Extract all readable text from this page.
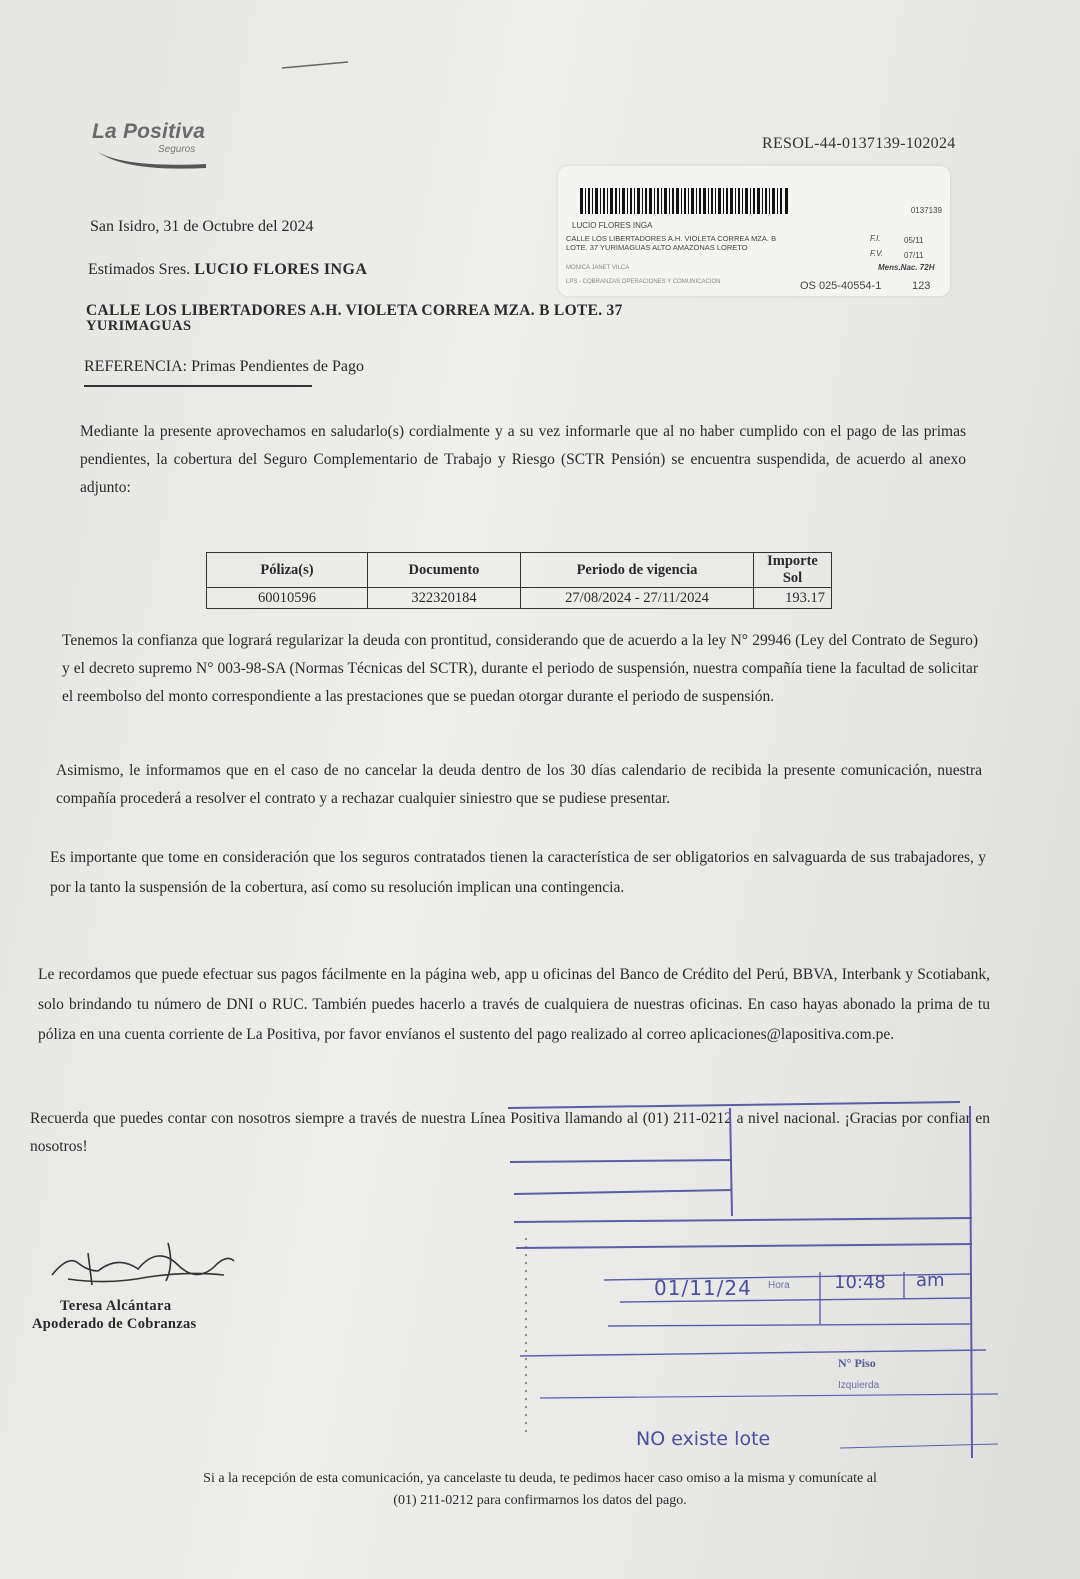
La Positiva
Seguros	RESOL-44-0137139-102024
0137139
LUCIO FLORES INGA
CALLE LOS LIBERTADORES A.H. VIOLETA CORREA MZA. B
LOTE. 37 YURIMAGUAS ALTO AMAZONAS LORETO
F.I.	05/11
F.V.	07/11
Mens.Nac. 72H
MONICA JANET VILCA
LPS - COBRANZAS OPERACIONES Y COMUNICACION	OS 025-40554-1	123
San Isidro, 31 de Octubre del 2024
Estimados Sres. LUCIO FLORES INGA
CALLE LOS LIBERTADORES A.H. VIOLETA CORREA MZA. B LOTE. 37
YURIMAGUAS
REFERENCIA: Primas Pendientes de Pago
Mediante la presente aprovechamos en saludarlo(s) cordialmente y a su vez informarle que al no haber cumplido con el pago de las primas pendientes, la cobertura del Seguro Complementario de Trabajo y Riesgo (SCTR Pensión) se encuentra suspendida, de acuerdo al anexo adjunto:
Póliza(s)	Documento	Periodo de vigencia	Importe Sol
60010596	322320184	27/08/2024 - 27/11/2024	193.17
Tenemos la confianza que logrará regularizar la deuda con prontitud, considerando que de acuerdo a la ley N° 29946 (Ley del Contrato de Seguro) y el decreto supremo N° 003-98-SA (Normas Técnicas del SCTR), durante el periodo de suspensión, nuestra compañía tiene la facultad de solicitar el reembolso del monto correspondiente a las prestaciones que se puedan otorgar durante el periodo de suspensión.
Asimismo, le informamos que en el caso de no cancelar la deuda dentro de los 30 días calendario de recibida la presente comunicación, nuestra compañía procederá a resolver el contrato y a rechazar cualquier siniestro que se pudiese presentar.
Es importante que tome en consideración que los seguros contratados tienen la característica de ser obligatorios en salvaguarda de sus trabajadores, y por la tanto la suspensión de la cobertura, así como su resolución implican una contingencia.
Le recordamos que puede efectuar sus pagos fácilmente en la página web, app u oficinas del Banco de Crédito del Perú, BBVA, Interbank y Scotiabank, solo brindando tu número de DNI o RUC. También puedes hacerlo a través de cualquiera de nuestras oficinas. En caso hayas abonado la prima de tu póliza en una cuenta corriente de La Positiva, por favor envíanos el sustento del pago realizado al correo aplicaciones@lapositiva.com.pe.
Recuerda que puedes contar con nosotros siempre a través de nuestra Línea Positiva llamando al (01) 211-0212 a nivel nacional. ¡Gracias por confiar en nosotros!
Teresa Alcántara
Apoderado de Cobranzas
01/11/24 Hora 10:48 am
N° Piso
Izquierda
NO existe lote
Si a la recepción de esta comunicación, ya cancelaste tu deuda, te pedimos hacer caso omiso a la misma y comunícate al
(01) 211-0212 para confirmarnos los datos del pago.
